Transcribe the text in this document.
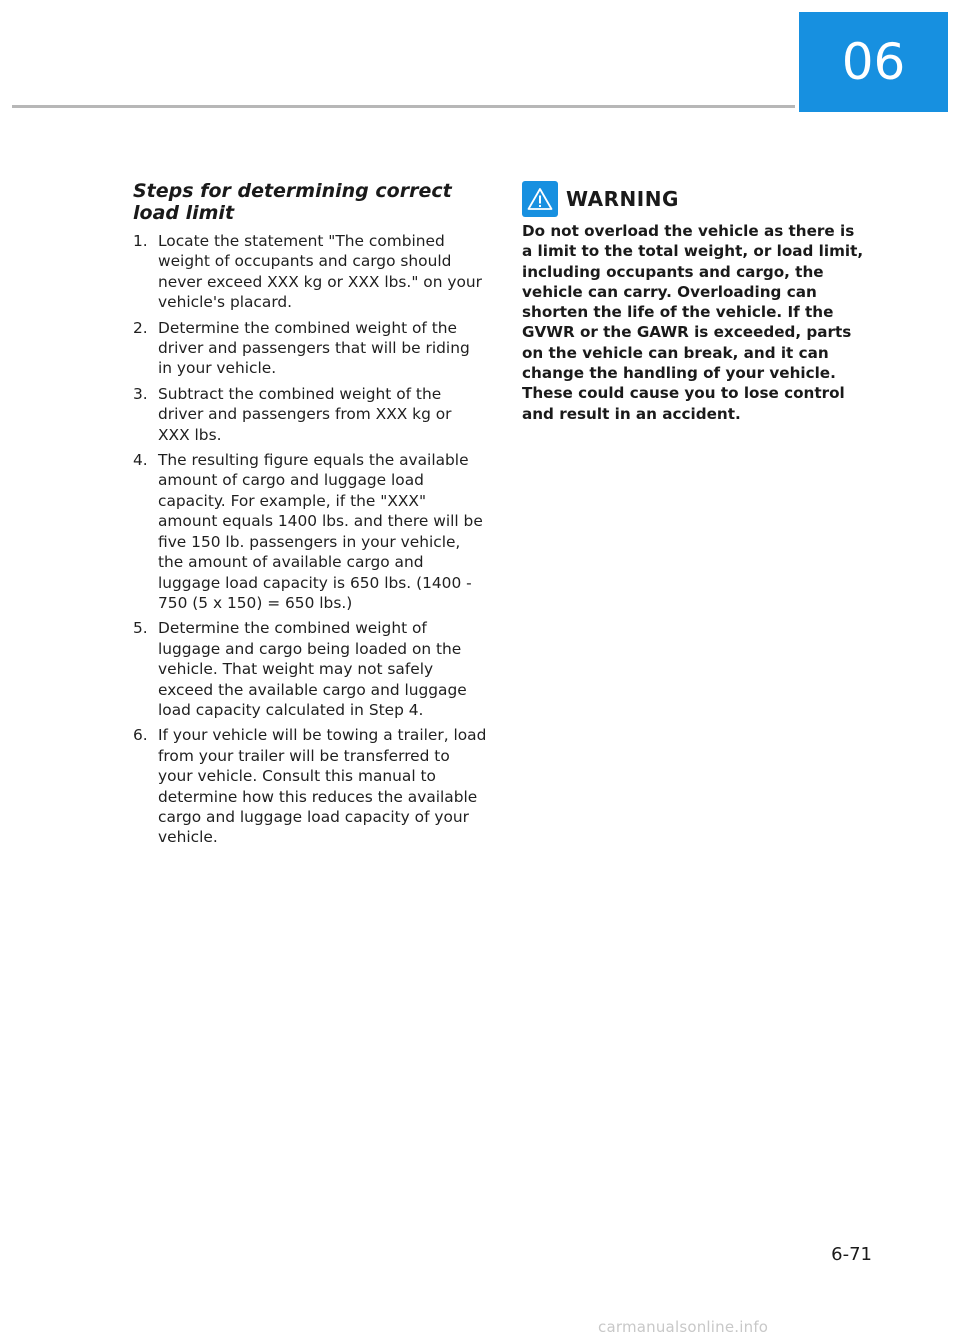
06
Steps for determining correct load limit
1. Locate the statement "The combined weight of occupants and cargo should never exceed XXX kg or XXX lbs." on your vehicle's placard.
2. Determine the combined weight of the driver and passengers that will be riding in your vehicle.
3. Subtract the combined weight of the driver and passengers from XXX kg or XXX lbs.
4. The resulting figure equals the available amount of cargo and luggage load capacity. For example, if the "XXX" amount equals 1400 lbs. and there will be five 150 lb. passengers in your vehicle, the amount of available cargo and luggage load capacity is 650 lbs. (1400 - 750 (5 x 150) = 650 lbs.)
5. Determine the combined weight of luggage and cargo being loaded on the vehicle. That weight may not safely exceed the available cargo and luggage load capacity calculated in Step 4.
6. If your vehicle will be towing a trailer, load from your trailer will be transferred to your vehicle. Consult this manual to determine how this reduces the available cargo and luggage load capacity of your vehicle.
WARNING

Do not overload the vehicle as there is a limit to the total weight, or load limit, including occupants and cargo, the vehicle can carry. Overloading can shorten the life of the vehicle. If the GVWR or the GAWR is exceeded, parts on the vehicle can break, and it can change the handling of your vehicle. These could cause you to lose control and result in an accident.

6-71
carmanualsonline.info
